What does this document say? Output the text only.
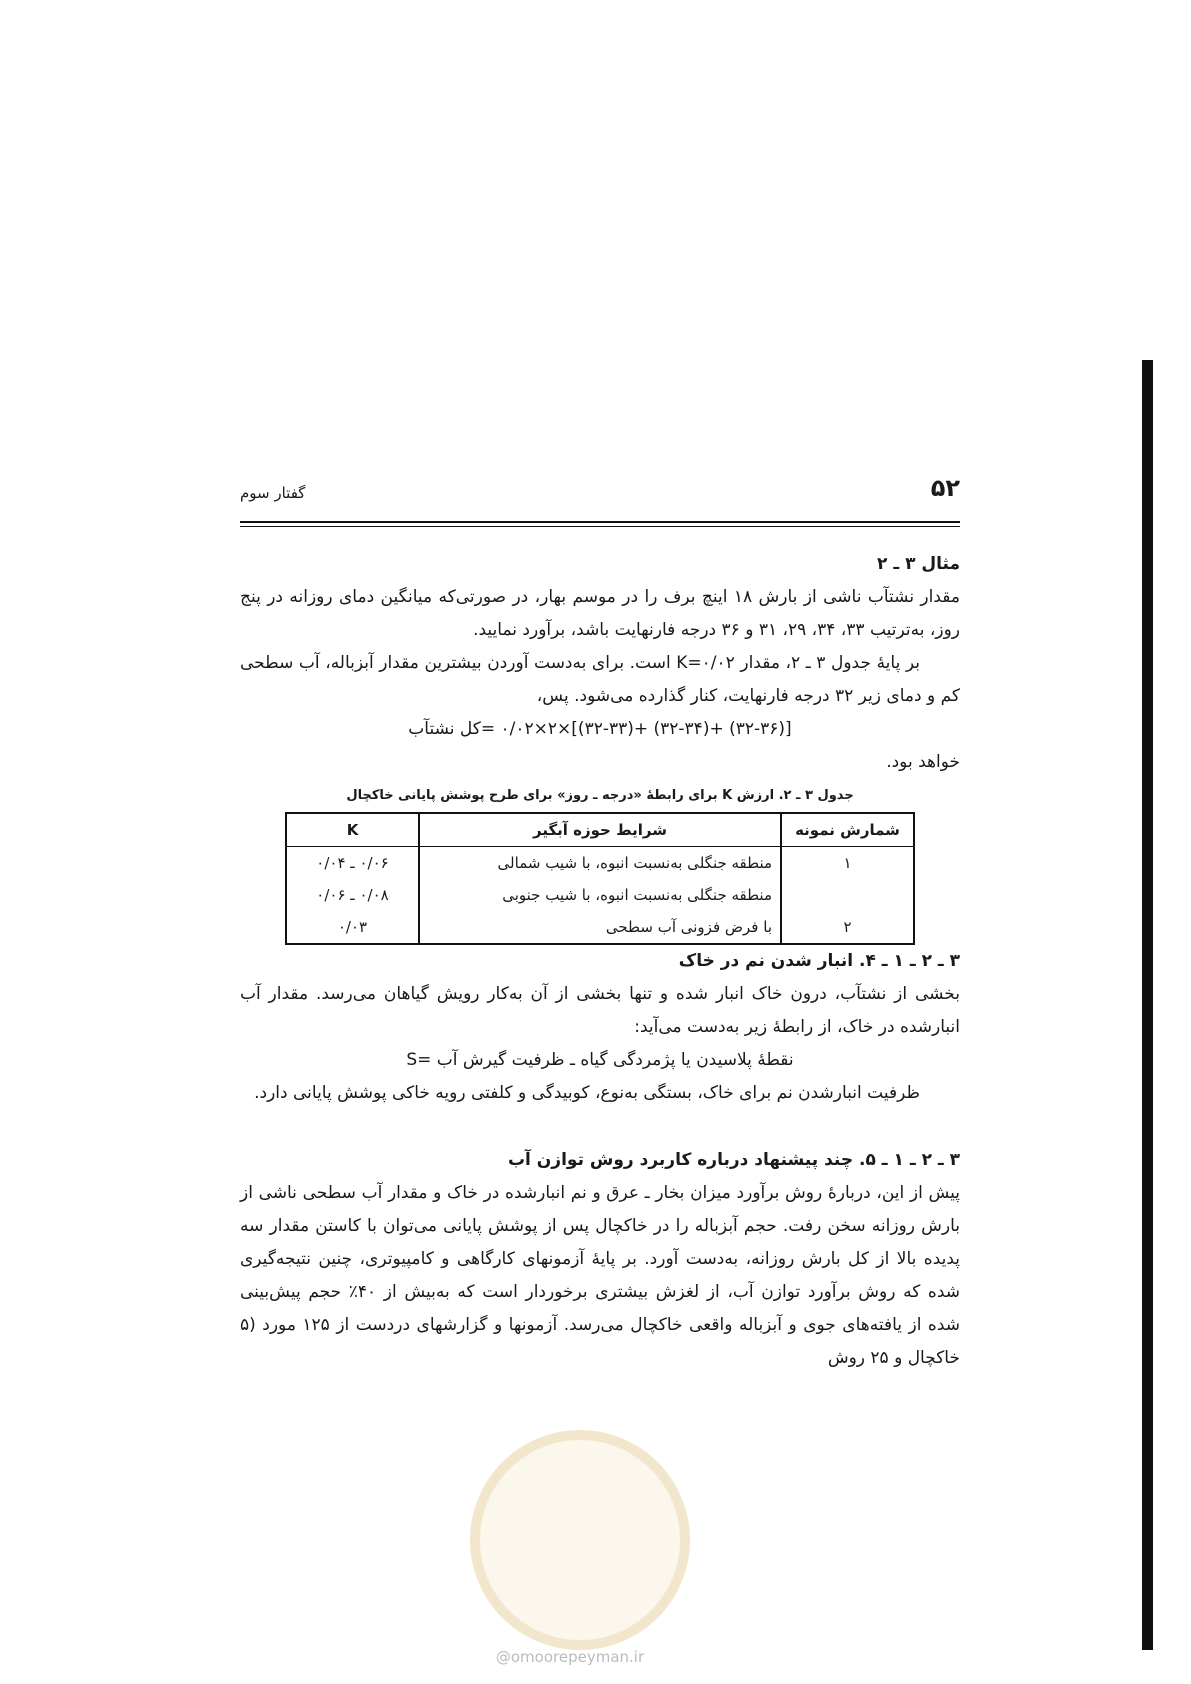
۵۲
گفتار سوم

مثال ۳ ـ ۲

مقدار نشتآب ناشی از بارش ۱۸ اینچ برف را در موسم بهار، در صورتی‌که میانگین دمای روزانه در پنج روز، به‌ترتیب ۳۳، ۳۴، ۲۹، ۳۱ و ۳۶ درجه فارنهایت باشد، برآورد نمایید.

بر پایهٔ جدول ۳ ـ ۲، مقدار K=۰/۰۲ است. برای به‌دست آوردن بیشترین مقدار آبزباله، آب سطحی کم و دمای زیر ۳۲ درجه فارنهایت، کنار گذارده می‌شود. پس،

[(۳۲-۳۶) +(۳۲-۳۴) +(۳۲-۳۳)]×۲×۰/۰۲ =کل نشتآب

خواهد بود.

جدول ۳ ـ ۲. ارزش K برای رابطهٔ «درجه ـ روز» برای طرح پوشش پایانی خاکچال

شمارش نمونه	شرایط حوزه آبگیر	K
۱	منطقه جنگلی به‌نسبت انبوه، با شیب شمالی	۰/۰۶ ـ ۰/۰۴
	منطقه جنگلی به‌نسبت انبوه، با شیب جنوبی	۰/۰۸ ـ ۰/۰۶
۲	با فرض فزونی آب سطحی	۰/۰۳

۳ ـ ۲ ـ ۱ ـ ۴. انبار شدن نم در خاک

بخشی از نشتآب، درون خاک انبار شده و تنها بخشی از آن به‌کار رویش گیاهان می‌رسد. مقدار آب انبارشده در خاک، از رابطهٔ زیر به‌دست می‌آید:

نقطهٔ پلاسیدن یا پژمردگی گیاه ـ ظرفیت گیرش آب =S

ظرفیت انبارشدن نم برای خاک، بستگی به‌نوع، کوبیدگی و کلفتی رویه خاکی پوشش پایانی دارد.

۳ ـ ۲ ـ ۱ ـ ۵. چند پیشنهاد درباره کاربرد روش توازن آب

پیش از این، دربارهٔ روش برآورد میزان بخار ـ عرق و نم انبارشده در خاک و مقدار آب سطحی ناشی از بارش روزانه سخن رفت. حجم آبزباله را در خاکچال پس از پوشش پایانی می‌توان با کاستن مقدار سه پدیده بالا از کل بارش روزانه، به‌دست آورد. بر پایهٔ آزمونهای کارگاهی و کامپیوتری، چنین نتیجه‌گیری شده که روش برآورد توازن آب، از لغزش بیشتری برخوردار است که به‌بیش از ۴۰٪ حجم پیش‌بینی شده از یافته‌های جوی و آبزباله واقعی خاکچال می‌رسد. آزمونها و گزارشهای دردست از ۱۲۵ مورد (۵ خاکچال و ۲۵ روش

@omoorepeyman.ir
